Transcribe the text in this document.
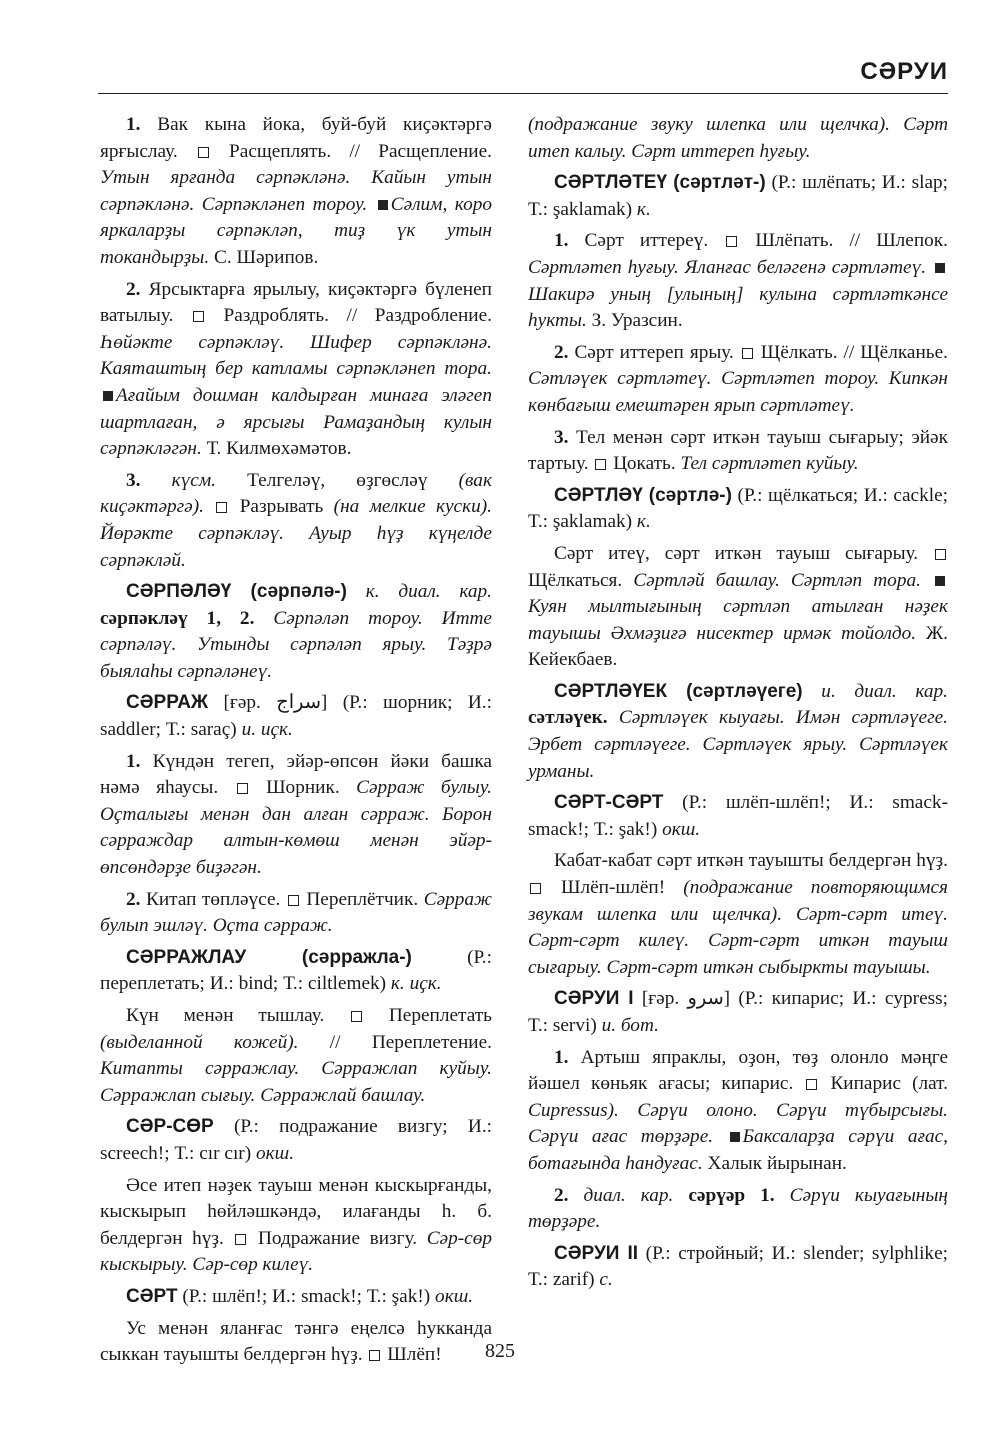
СӘРУИ

1. Вак кына йока, буй-буй киҫәктәргә ярғыслау.	Расщеплять. // Расщепление. Утын ярғанда сәрпәкләнә. Кайын утын сәрпәкләнә. Сәрпәкләнеп тороу. Сәлим, коро яркаларҙы сәрпәкләп, тиҙ үк утын токандырҙы. С. Шәрипов.

2. Ярсыктарға ярылыу, киҫәктәргә бүленеп ватылыу.	Раздроблять. // Раздробление. Һөйәкте сәрпәкләү. Шифер сәрпәкләнә. Каяташтың бер катламы сәрпәкләнеп тора. Ағайым дошман калдырған минаға эләгеп шартлаған, ә ярсығы Рамаҙандың кулын сәрпәкләгән. Т. Килмөхәмәтов.

3. күсм. Телгеләү, өҙгөсләү (вак киҫәктәргә). Разрывать (на мелкие куски). Йөрәкте сәрпәкләү. Ауыр һүҙ күңелде сәрпәкләй.

СӘРПӘЛӘҮ (сәрпәлә-) к. диал. кар. сәрпәкләү 1, 2. Сәрпәләп тороу. Итте сәрпәләү. Утынды сәрпәләп ярыу. Тәҙрә быялаһы сәрпәләнеү.

СӘРРАЖ [ғәр. سراج] (Р.: шорник; И.: saddler; Т.: saraç) и. иҫк.

1. Күндән тегеп, эйәр-өпсөн йәки башка нәмә яһаусы. Шорник. Сәрраж булыу. Оҫталығы менән дан алған сәрраж. Борон сәрраждар алтын-көмөш менән эйәр-өпсөндәрҙе биҙәгән.

2. Китап төпләүсе. Переплётчик. Сәрраж булып эшләү. Оҫта сәрраж.

СӘРРАЖЛАУ (сәрражла-)	(Р.: переплетать; И.: bind; Т.: ciltlemek) к. иҫк.

Күн менән тышлау.	Переплетать (выделанной кожей). // Переплетение. Китапты сәрражлау. Сәрражлап куйыу. Сәрражлап сығыу. Сәрражлай башлау.

СӘР-СӨР (Р.: подражание визгу; И.: screech!; Т.: cır cır) окш.

Әсе итеп нәҙек тауыш менән кыскырғанды, кыскырып һөйләшкәндә, илағанды һ. б. белдергән һүҙ. Подражание визгу. Сәр-сөр кыскырыу. Сәр-сөр килеү.

СӘРТ (Р.: шлёп!; И.: smack!; Т.: şak!) окш.

Ус менән яланғас тәнгә еңелсә һукканда сыккан тауышты белдергән һүҙ. Шлёп!

(подражание звуку шлепка или щелчка). Сәрт итеп калыу. Сәрт иттереп һуғыу.

СӘРТЛӘТЕҮ (сәртләт-) (Р.: шлёпать; И.: slap; Т.: şaklamak) к.

1. Сәрт иттереү. Шлёпать. // Шлепок. Сәртләтеп һуғыу. Яланғас беләгенә сәртләтеү. Шакирә уның [улының] кулына сәртләткәнсе һукты. З. Уразсин.

2. Сәрт иттереп ярыу. Щёлкать. // Щёлканье. Сәтләүек сәртләтеү. Сәртләтеп тороу. Кипкән көнбағыш емештәрен ярып сәртләтеү.

3. Тел менән сәрт иткән тауыш сығарыу; эйәк тартыу. Цокать. Тел сәртләтеп куйыу.

СӘРТЛӘҮ (сәртлә-) (Р.: щёлкаться; И.: cackle; Т.: şaklamak) к.

Сәрт итеү, сәрт иткән тауыш сығарыу.  Щёлкаться. Сәртләй башлау. Сәртләп тора. Куян мылтығының сәртләп атылған нәҙек тауышы Әхмәҙиғә нисектер ирмәк тойолдо. Ж. Кейекбаев.

СӘРТЛӘҮЕК (сәртләүеге) и. диал. кар. сәтләүек. Сәртләүек кыуағы. Имән сәртләүеге. Эрбет сәртләүеге. Сәртләүек ярыу. Сәртләүек урманы.

СӘРТ-СӘРТ (Р.: шлёп-шлёп!; И.: smack-smack!; Т.: şak!) окш.

Кабат-кабат сәрт иткән тауышты белдергән һүҙ.  Шлёп-шлёп! (подражание повторяющимся звукам шлепка или щелчка). Сәрт-сәрт итеү. Сәрт-сәрт килеү. Сәрт-сәрт иткән тауыш сығарыу. Сәрт-сәрт иткән сыбыркты тауышы.

СӘРУИ I [ғәр. سرو] (Р.: кипарис; И.: cypress; Т.: servi) и. бот.

1. Артыш япраклы, оҙон, төҙ олонло мәңге йәшел көньяк ағасы; кипарис. Кипарис (лат. Cupressus). Сәрүи олоно. Сәрүи түбырсығы. Сәрүи ағас төрҙәре. Баксаларҙа сәрүи ағас, ботағында һандуғас. Халык йырынан.

2. диал. кар. сәрүәр 1. Сәрүи кыуағының төрҙәре.

СӘРУИ II (Р.: стройный; И.: slender; sylphlike; Т.: zarif) с.

825
